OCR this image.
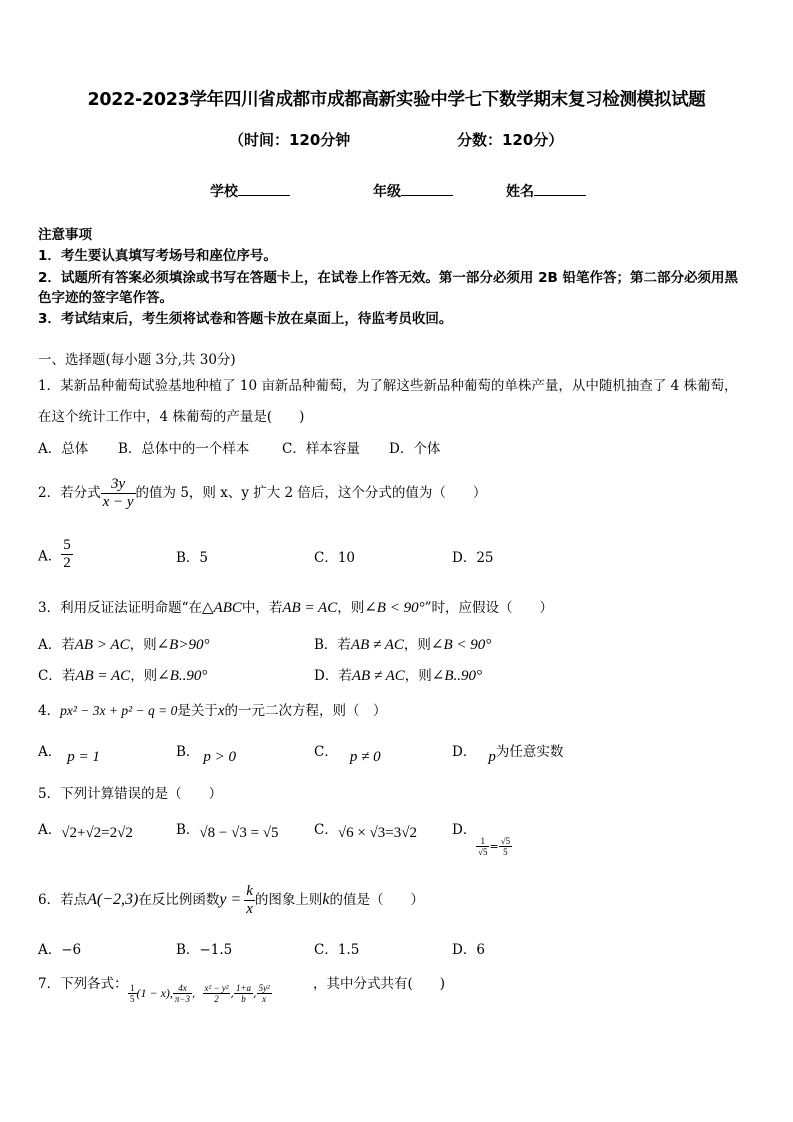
2022-2023学年四川省成都市成都高新实验中学七下数学期末复习检测模拟试题
（时间：120分钟	分数：120分）
学校	年级	姓名
注意事项
1．考生要认真填写考场号和座位序号。
2．试题所有答案必须填涂或书写在答题卡上，在试卷上作答无效。第一部分必须用 2B 铅笔作答；第二部分必须用黑
色字迹的签字笔作答。
3．考试结束后，考生须将试卷和答题卡放在桌面上，待监考员收回。
一、选择题(每小题 3分,共 30分)
1．某新品种葡萄试验基地种植了 10 亩新品种葡萄，为了解这些新品种葡萄的单株产量，从中随机抽查了 4 株葡萄，
在这个统计工作中，4 株葡萄的产量是(　　)
A．总体 B．总体中的一个样本 C．样本容量 D．个体
2．若分式 $\frac{3y}{x - y}$ 的值为 5，则 x、y 扩大 2 倍后，这个分式的值为（　　）
A． $\frac{5}{2}$	B．5	C．10	D．25
3．利用反证法证明命题“在△ABC中，若AB = AC，则∠B < 90°”时，应假设（　　）
A．若AB > AC，则∠B>90°	B．若AB ≠ AC，则∠B < 90°
C．若AB = AC，则∠B..90°	D．若AB ≠ AC，则∠B..90°
4．px² − 3x + p² − q = 0是关于x的一元二次方程，则（　）
A． p = 1	B． p > 0	C． p ≠ 0	D． p为任意实数
5．下列计算错误的是（　　）
A．√2+√2=2√2	B．√8 − √3 = √5	C．√6 × √3=3√2	D．

$\frac{1}{√5} = \frac{√5}{5}$
6．若点A(−2,3)在反比例函数$y = \frac{k}{x}$ 的图象上则k的值是（　　）
A．−6	B．−1.5	C．1.5	D．6
7．下列各式：	，其中分式共有(　　)
$\frac{1}{5} (1 - x)$, $\frac{4x}{\pi-3}$ , $\frac{\text{x² − y²}}{2}$ , $\frac{1+a}{b}$ , $\frac{\text{5y²}}{x}$
